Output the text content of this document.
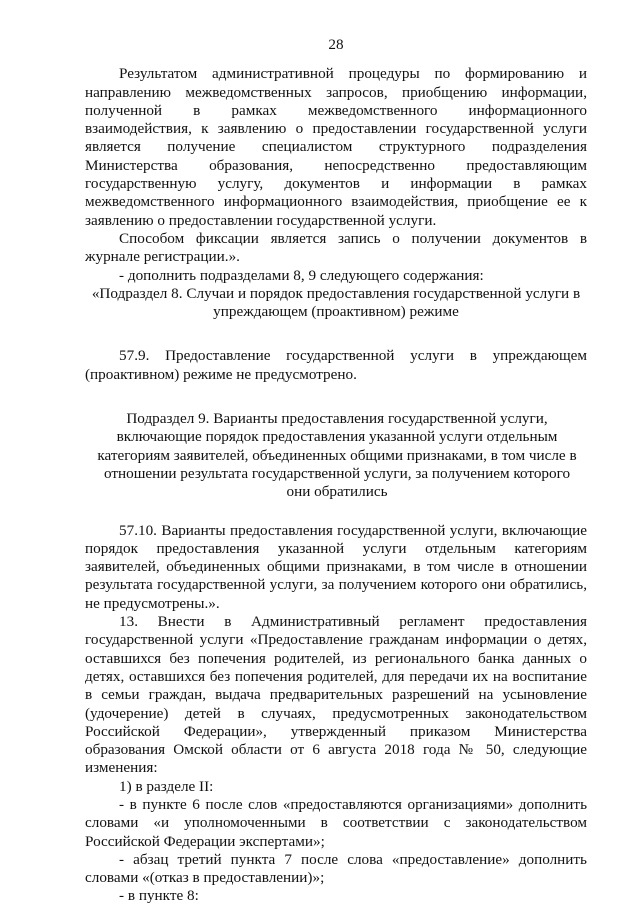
28

Результатом административной процедуры по формированию и направлению межведомственных запросов, приобщению информации, полученной в рамках межведомственного информационного взаимодействия, к заявлению о предоставлении государственной услуги является получение специалистом структурного подразделения Министерства образования, непосредственно предоставляющим государственную услугу, документов и информации в рамках межведомственного информационного взаимодействия, приобщение ее к заявлению о предоставлении государственной услуги.

Способом фиксации является запись о получении документов в журнале регистрации.».

- дополнить подразделами 8, 9 следующего содержания:

«Подраздел 8. Случаи и порядок предоставления государственной услуги в упреждающем (проактивном) режиме

57.9. Предоставление государственной услуги в упреждающем (проактивном) режиме не предусмотрено.

Подраздел 9. Варианты предоставления государственной услуги, включающие порядок предоставления указанной услуги отдельным категориям заявителей, объединенных общими признаками, в том числе в отношении результата государственной услуги, за получением которого они обратились

57.10. Варианты предоставления государственной услуги, включающие порядок предоставления указанной услуги отдельным категориям заявителей, объединенных общими признаками, в том числе в отношении результата государственной услуги, за получением которого они обратились, не предусмотрены.».

13. Внести в Административный регламент предоставления государственной услуги «Предоставление гражданам информации о детях, оставшихся без попечения родителей, из регионального банка данных о детях, оставшихся без попечения родителей, для передачи их на воспитание в семьи граждан, выдача предварительных разрешений на усыновление (удочерение) детей в случаях, предусмотренных законодательством Российской Федерации», утвержденный приказом Министерства образования Омской области от 6 августа 2018 года № 50, следующие изменения:

1) в разделе II:

- в пункте 6 после слов «предоставляются организациями» дополнить словами «и уполномоченными в соответствии с законодательством Российской Федерации экспертами»;

- абзац третий пункта 7 после слова «предоставление» дополнить словами «(отказ в предоставлении)»;

- в пункте 8:
